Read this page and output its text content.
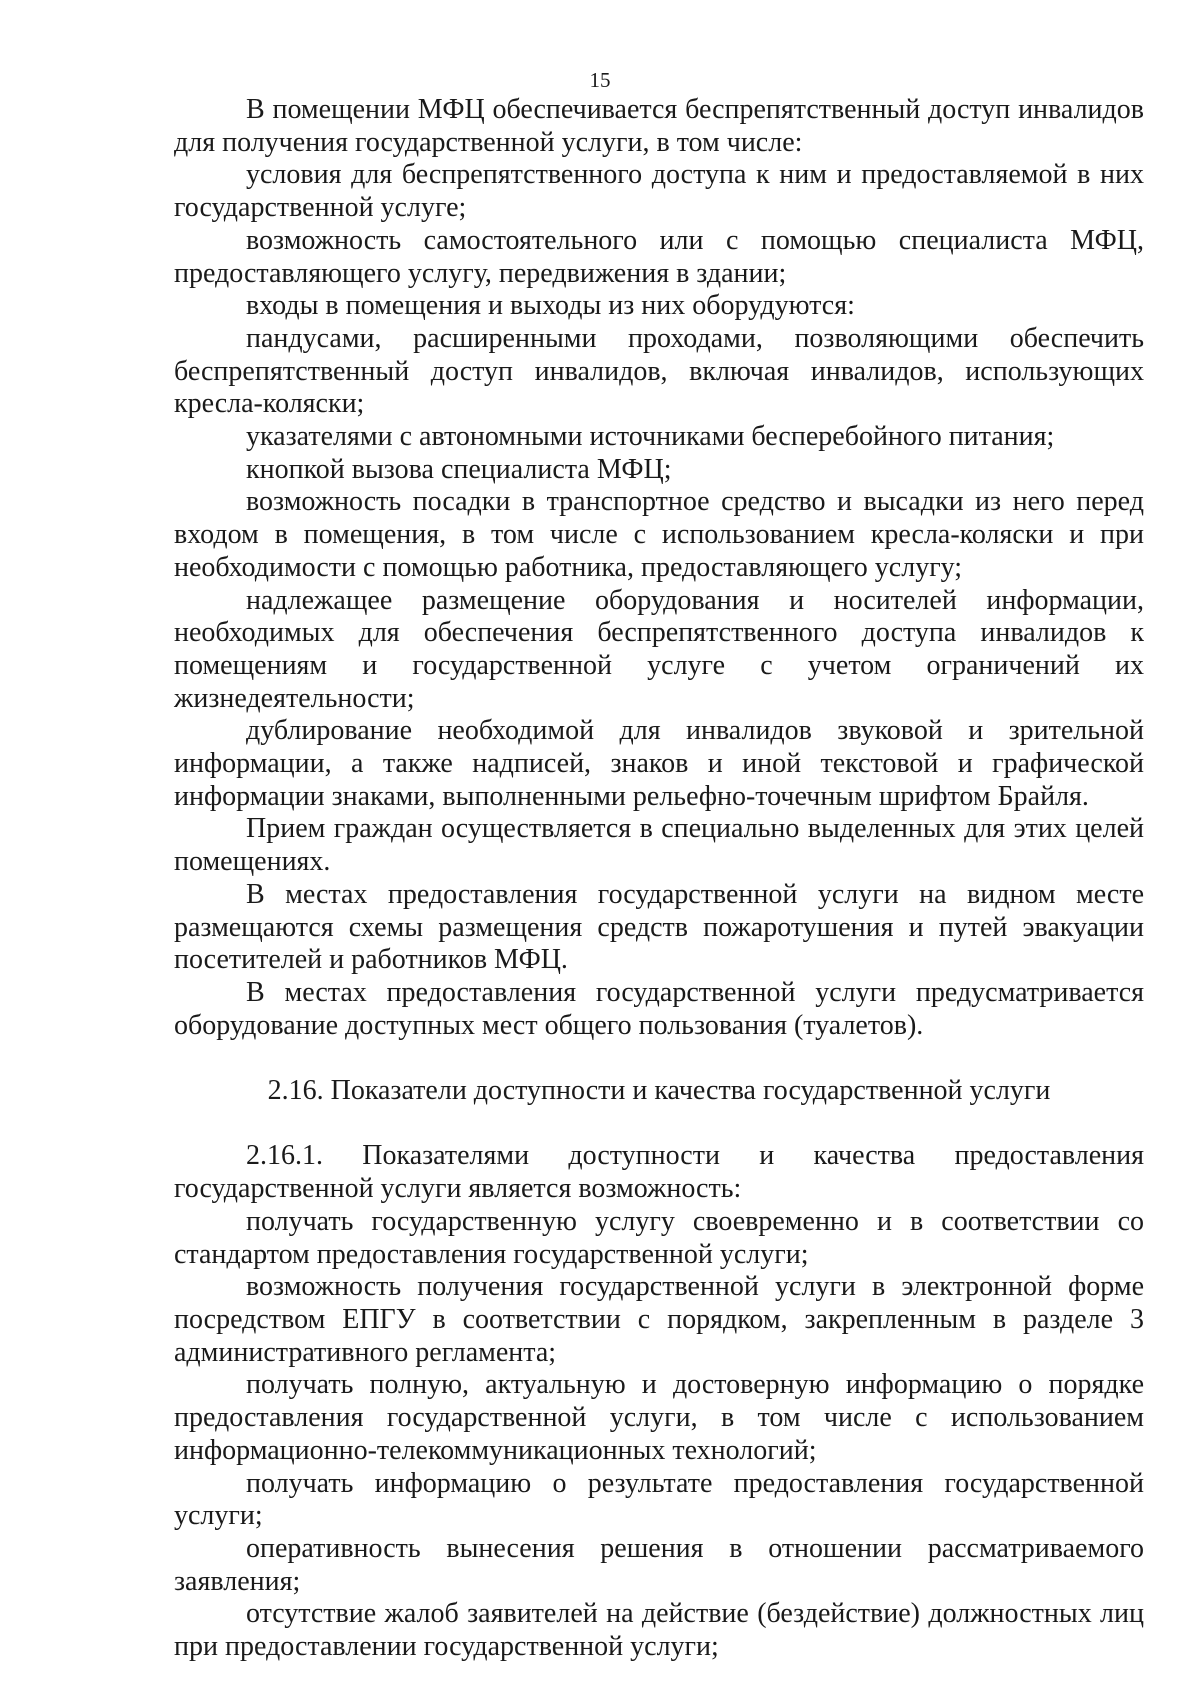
15

В помещении МФЦ обеспечивается беспрепятственный доступ инвалидов для получения государственной услуги, в том числе:

условия для беспрепятственного доступа к ним и предоставляемой в них государственной услуге;

возможность самостоятельного или с помощью специалиста МФЦ, предоставляющего услугу, передвижения в здании;

входы в помещения и выходы из них оборудуются:

пандусами, расширенными проходами, позволяющими обеспечить беспрепятственный доступ инвалидов, включая инвалидов, использующих кресла-коляски;

указателями с автономными источниками бесперебойного питания;

кнопкой вызова специалиста МФЦ;

возможность посадки в транспортное средство и высадки из него перед входом в помещения, в том числе с использованием кресла-коляски и при необходимости с помощью работника, предоставляющего услугу;

надлежащее размещение оборудования и носителей информации, необходимых для обеспечения беспрепятственного доступа инвалидов к помещениям и государственной услуге с учетом ограничений их жизнедеятельности;

дублирование необходимой для инвалидов звуковой и зрительной информации, а также надписей, знаков и иной текстовой и графической информации знаками, выполненными рельефно-точечным шрифтом Брайля.

Прием граждан осуществляется в специально выделенных для этих целей помещениях.

В местах предоставления государственной услуги на видном месте размещаются схемы размещения средств пожаротушения и путей эвакуации посетителей и работников МФЦ.

В местах предоставления государственной услуги предусматривается оборудование доступных мест общего пользования (туалетов).

2.16. Показатели доступности и качества государственной услуги

2.16.1. Показателями доступности и качества предоставления государственной услуги является возможность:

получать государственную услугу своевременно и в соответствии со стандартом предоставления государственной услуги;

возможность получения государственной услуги в электронной форме посредством ЕПГУ в соответствии с порядком, закрепленным в разделе 3 административного регламента;

получать полную, актуальную и достоверную информацию о порядке предоставления государственной услуги, в том числе с использованием информационно-телекоммуникационных технологий;

получать информацию о результате предоставления государственной услуги;

оперативность вынесения решения в отношении рассматриваемого заявления;

отсутствие жалоб заявителей на действие (бездействие) должностных лиц при предоставлении государственной услуги;
